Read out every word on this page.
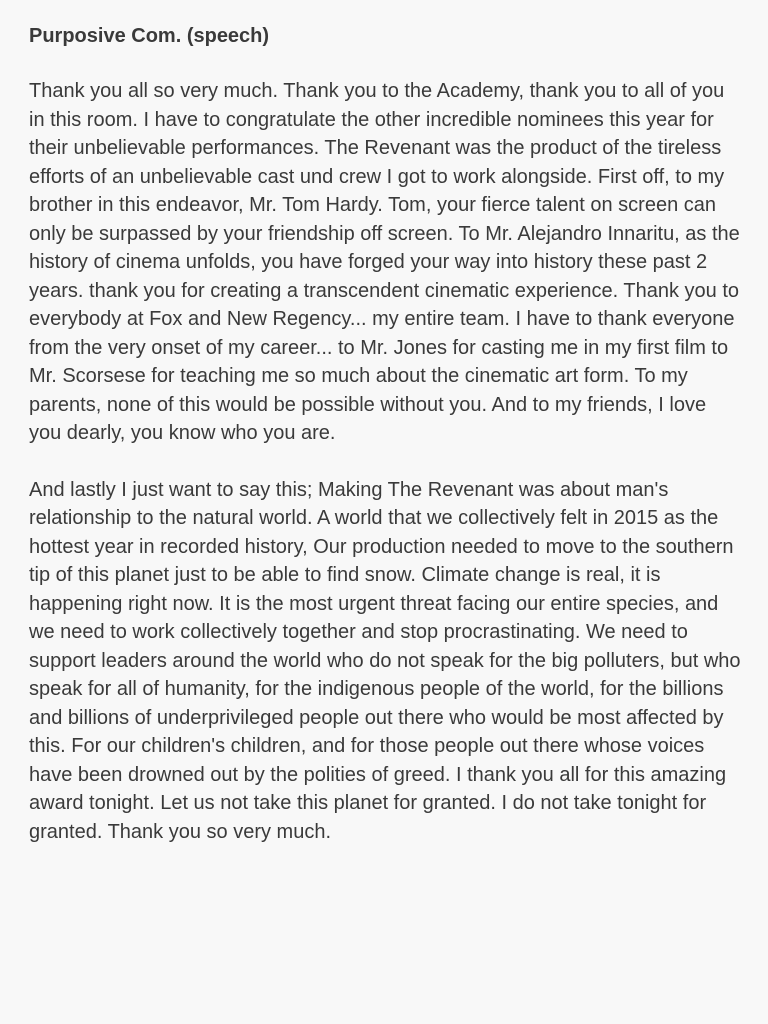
Purposive Com. (speech)

Thank you all so very much. Thank you to the Academy, thank you to all of you in this room. I have to congratulate the other incredible nominees this year for their unbelievable performances. The Revenant was the product of the tireless efforts of an unbelievable cast und crew I got to work alongside. First off, to my brother in this endeavor, Mr. Tom Hardy. Tom, your fierce talent on screen can only be surpassed by your friendship off screen. To Mr. Alejandro Innaritu, as the history of cinema unfolds, you have forged your way into history these past 2 years. thank you for creating a transcendent cinematic experience. Thank you to everybody at Fox and New Regency... my entire team. I have to thank everyone from the very onset of my career... to Mr. Jones for casting me in my first film to Mr. Scorsese for teaching me so much about the cinematic art form. To my parents, none of this would be possible without you. And to my friends, I love you dearly, you know who you are.

And lastly I just want to say this; Making The Revenant was about man's relationship to the natural world. A world that we collectively felt in 2015 as the hottest year in recorded history, Our production needed to move to the southern tip of this planet just to be able to find snow. Climate change is real, it is happening right now. It is the most urgent threat facing our entire species, and we need to work collectively together and stop procrastinating. We need to support leaders around the world who do not speak for the big polluters, but who speak for all of humanity, for the indigenous people of the world, for the billions and billions of underprivileged people out there who would be most affected by this. For our children's children, and for those people out there whose voices have been drowned out by the polities of greed. I thank you all for this amazing award tonight. Let us not take this planet for granted. I do not take tonight for granted. Thank you so very much.
